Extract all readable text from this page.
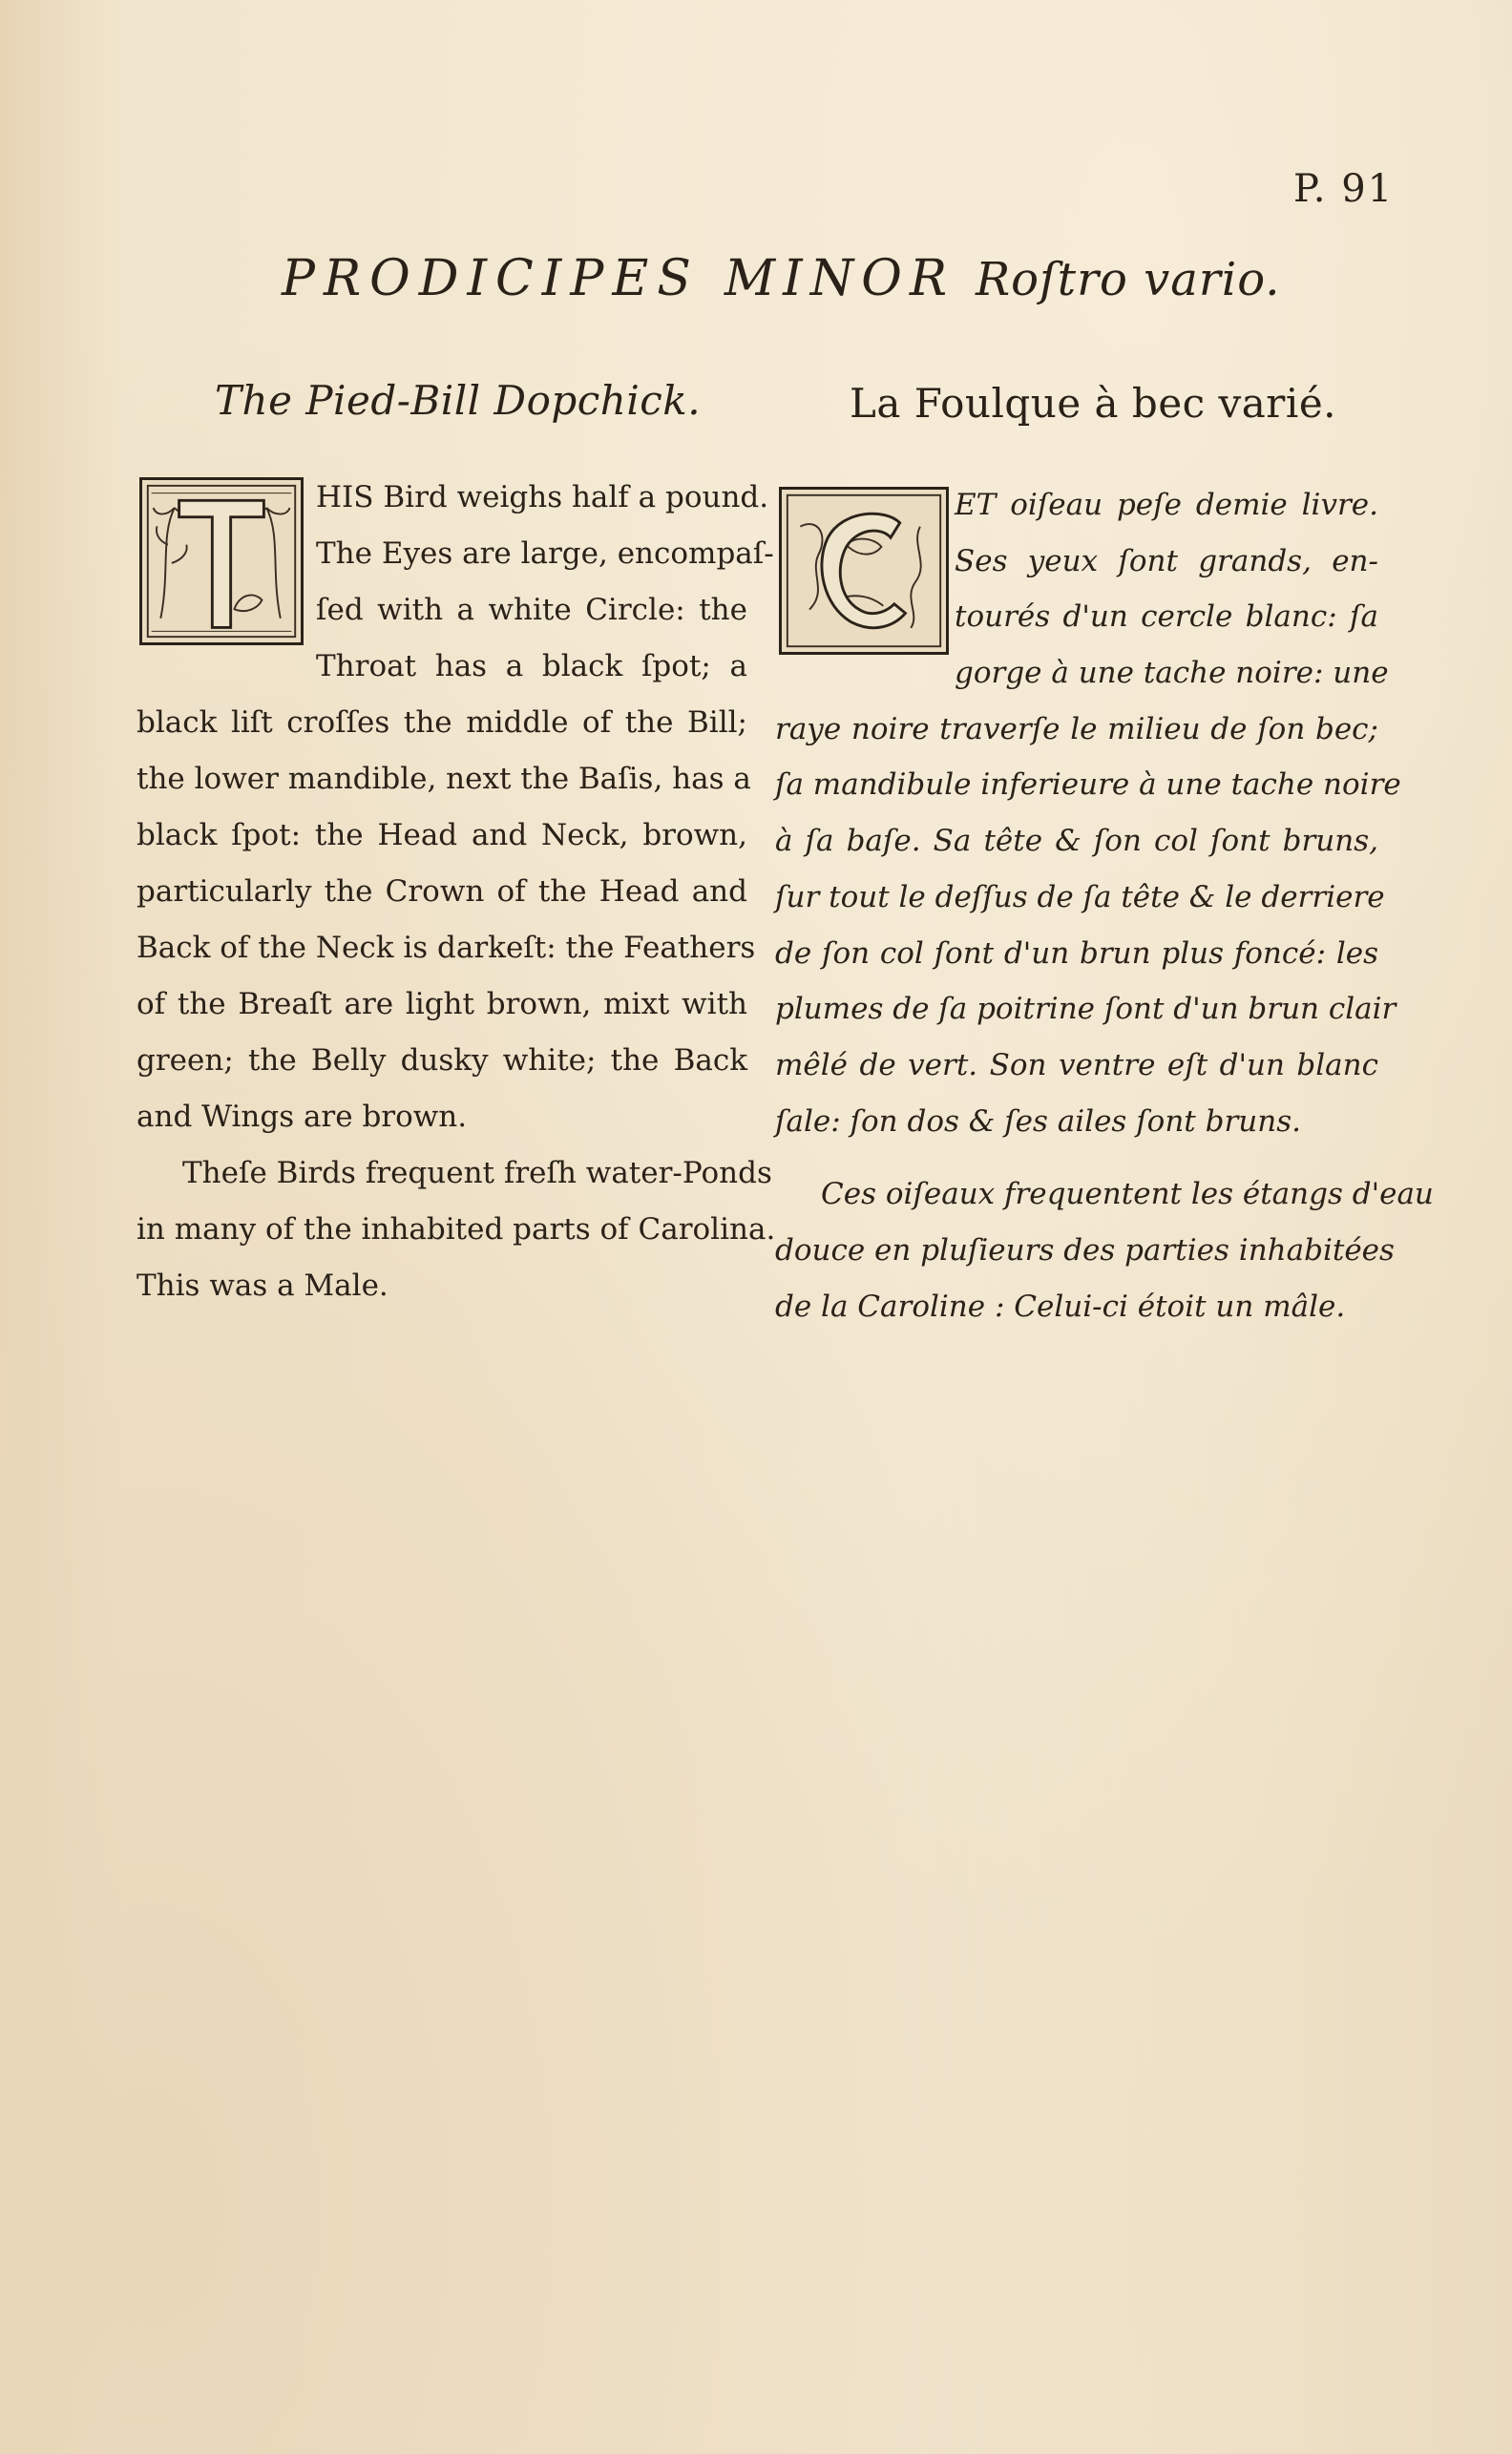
P. 91
PRODICIPES MINOR Roſtro vario.
The Pied-Bill Dopchick.	La Foulque à bec varié.
HIS Bird weighs half a pound.
The Eyes are large, encompaſ-
ſed with a white Circle: the
Throat has a black ſpot; a
black liſt croſſes the middle of the Bill;
the lower mandible, next the Baſis, has a
black ſpot: the Head and Neck, brown,
particularly the Crown of the Head and
Back of the Neck is darkeſt: the Feathers
of the Breaſt are light brown, mixt with
green; the Belly dusky white; the Back
and Wings are brown.
Theſe Birds frequent freſh water-Ponds
in many of the inhabited parts of Carolina.
This was a Male.
ET oiſeau peſe demie livre.
Ses yeux ſont grands, en-
tourés d'un cercle blanc: ſa
gorge à une tache noire: une
raye noire traverſe le milieu de ſon bec;
ſa mandibule inferieure à une tache noire
à ſa baſe. Sa tête & ſon col ſont bruns,
ſur tout le deſſus de ſa tête & le derriere
de ſon col ſont d'un brun plus foncé: les
plumes de ſa poitrine ſont d'un brun clair
mêlé de vert. Son ventre eſt d'un blanc
ſale: ſon dos & ſes ailes ſont bruns.
Ces oiſeaux frequentent les étangs d'eau
douce en pluſieurs des parties inhabitées
de la Caroline : Celui-ci étoit un mâle.
